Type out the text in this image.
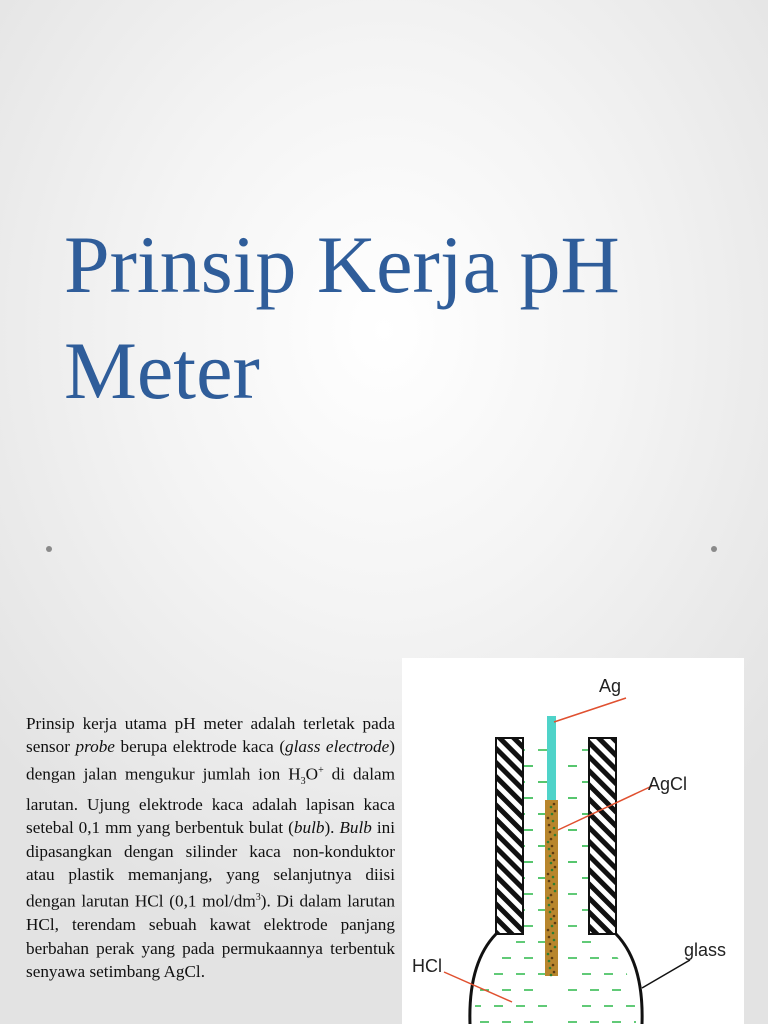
Prinsip Kerja pH
Meter

Prinsip kerja utama pH meter adalah terletak pada sensor probe berupa elektrode kaca (glass electrode) dengan jalan mengukur jumlah ion $H_3O^+$ di dalam larutan. Ujung elektrode kaca adalah lapisan kaca setebal 0,1 mm yang berbentuk bulat (bulb). Bulb ini dipasangkan dengan silinder kaca non-konduktor atau plastik memanjang, yang selanjutnya diisi dengan larutan HCl (0,1 mol/$dm^3$). Di dalam larutan HCl, terendam sebuah kawat elektrode panjang berbahan perak yang pada permukaannya terbentuk senyawa setimbang AgCl.

Ag
AgCl
HCl
glass
